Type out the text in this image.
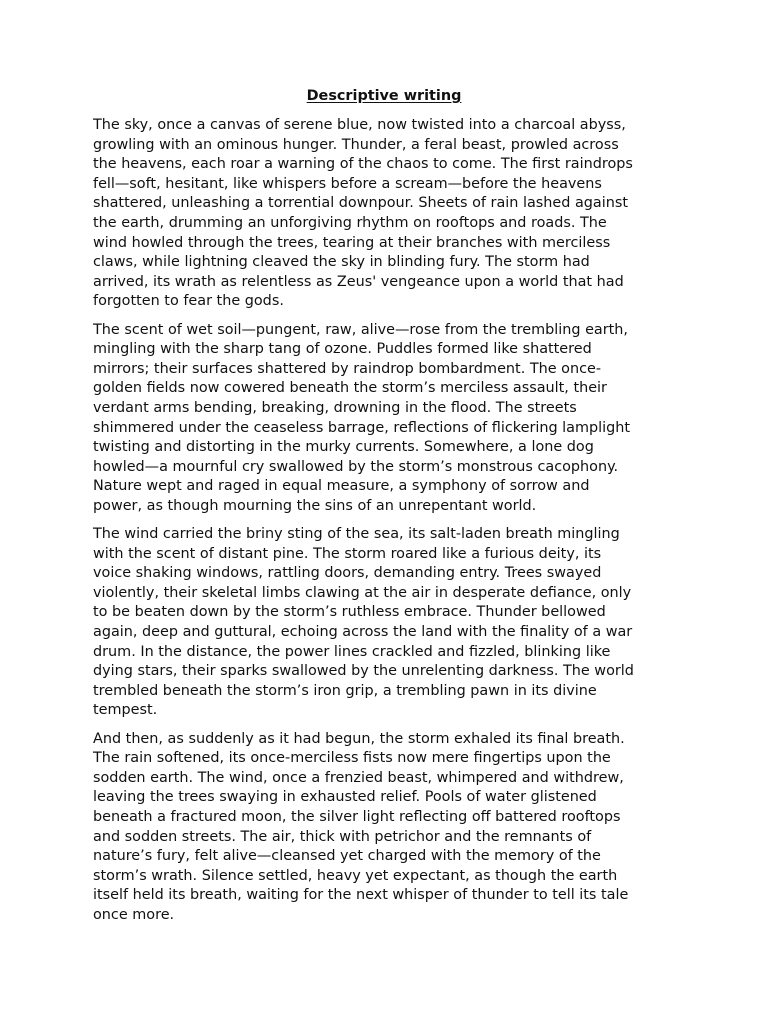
Descriptive writing

The sky, once a canvas of serene blue, now twisted into a charcoal abyss,
growling with an ominous hunger. Thunder, a feral beast, prowled across
the heavens, each roar a warning of the chaos to come. The first raindrops
fell—soft, hesitant, like whispers before a scream—before the heavens
shattered, unleashing a torrential downpour. Sheets of rain lashed against
the earth, drumming an unforgiving rhythm on rooftops and roads. The
wind howled through the trees, tearing at their branches with merciless
claws, while lightning cleaved the sky in blinding fury. The storm had
arrived, its wrath as relentless as Zeus' vengeance upon a world that had
forgotten to fear the gods.

The scent of wet soil—pungent, raw, alive—rose from the trembling earth,
mingling with the sharp tang of ozone. Puddles formed like shattered
mirrors; their surfaces shattered by raindrop bombardment. The once-
golden fields now cowered beneath the storm’s merciless assault, their
verdant arms bending, breaking, drowning in the flood. The streets
shimmered under the ceaseless barrage, reflections of flickering lamplight
twisting and distorting in the murky currents. Somewhere, a lone dog
howled—a mournful cry swallowed by the storm’s monstrous cacophony.
Nature wept and raged in equal measure, a symphony of sorrow and
power, as though mourning the sins of an unrepentant world.

The wind carried the briny sting of the sea, its salt-laden breath mingling
with the scent of distant pine. The storm roared like a furious deity, its
voice shaking windows, rattling doors, demanding entry. Trees swayed
violently, their skeletal limbs clawing at the air in desperate defiance, only
to be beaten down by the storm’s ruthless embrace. Thunder bellowed
again, deep and guttural, echoing across the land with the finality of a war
drum. In the distance, the power lines crackled and fizzled, blinking like
dying stars, their sparks swallowed by the unrelenting darkness. The world
trembled beneath the storm’s iron grip, a trembling pawn in its divine
tempest.

And then, as suddenly as it had begun, the storm exhaled its final breath.
The rain softened, its once-merciless fists now mere fingertips upon the
sodden earth. The wind, once a frenzied beast, whimpered and withdrew,
leaving the trees swaying in exhausted relief. Pools of water glistened
beneath a fractured moon, the silver light reflecting off battered rooftops
and sodden streets. The air, thick with petrichor and the remnants of
nature’s fury, felt alive—cleansed yet charged with the memory of the
storm’s wrath. Silence settled, heavy yet expectant, as though the earth
itself held its breath, waiting for the next whisper of thunder to tell its tale
once more.
